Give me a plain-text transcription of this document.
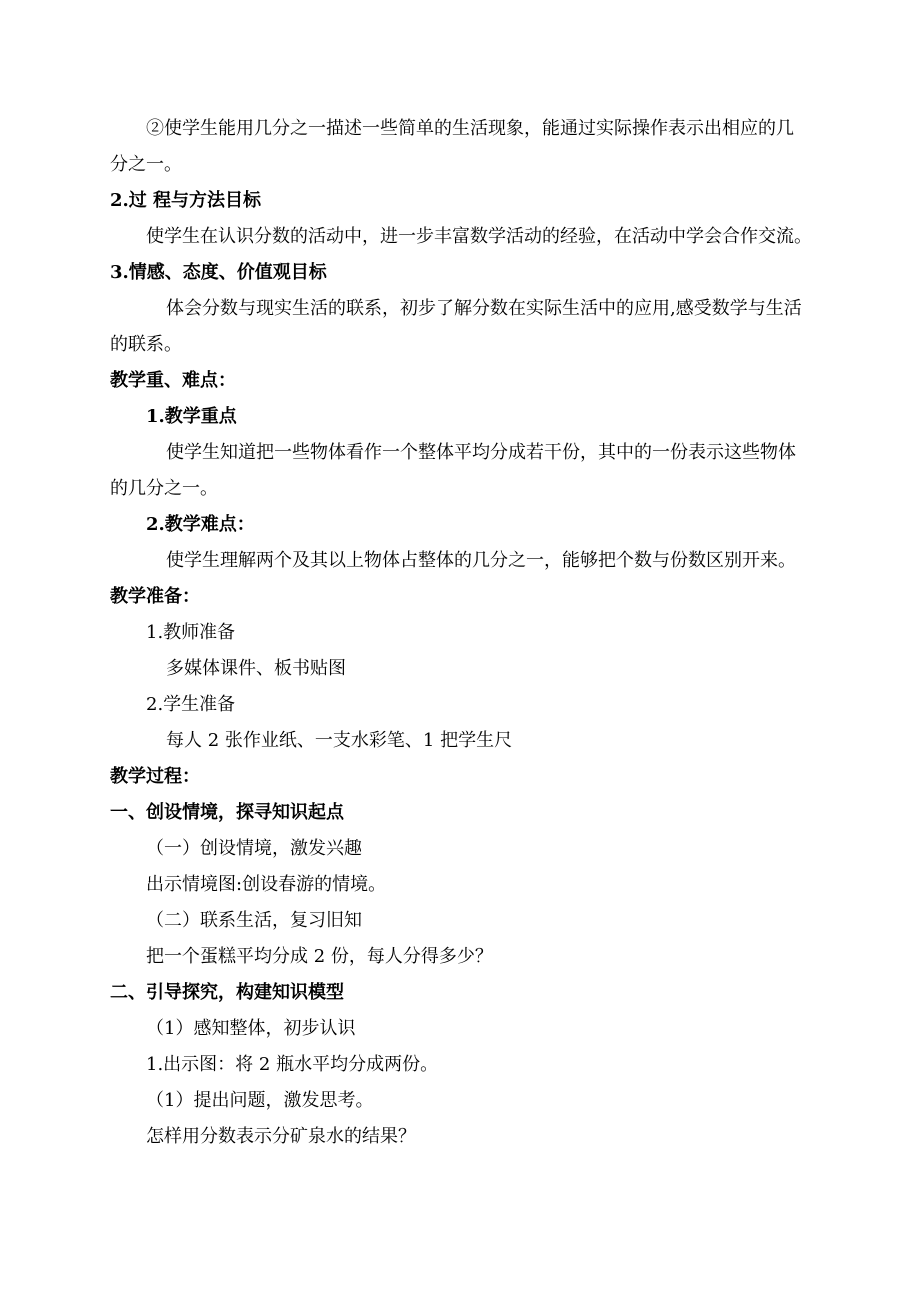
②使学生能用几分之一描述一些简单的生活现象，能通过实际操作表示出相应的几
分之一。
2.过 程与方法目标
使学生在认识分数的活动中，进一步丰富数学活动的经验，在活动中学会合作交流。
3.情感、态度、价值观目标
体会分数与现实生活的联系，初步了解分数在实际生活中的应用,感受数学与生活
的联系。
教学重、难点：
1.教学重点
使学生知道把一些物体看作一个整体平均分成若干份，其中的一份表示这些物体
的几分之一。
2.教学难点：
使学生理解两个及其以上物体占整体的几分之一，能够把个数与份数区别开来。
教学准备：
1.教师准备
多媒体课件、板书贴图
2.学生准备
每人 2 张作业纸、一支水彩笔、1 把学生尺
教学过程：
一、创设情境，探寻知识起点
（一）创设情境，激发兴趣
出示情境图:创设春游的情境。
（二）联系生活，复习旧知
把一个蛋糕平均分成 2 份，每人分得多少？
二、引导探究，构建知识模型
（1）感知整体，初步认识
1.出示图：将 2 瓶水平均分成两份。
（1）提出问题，激发思考。
怎样用分数表示分矿泉水的结果？
